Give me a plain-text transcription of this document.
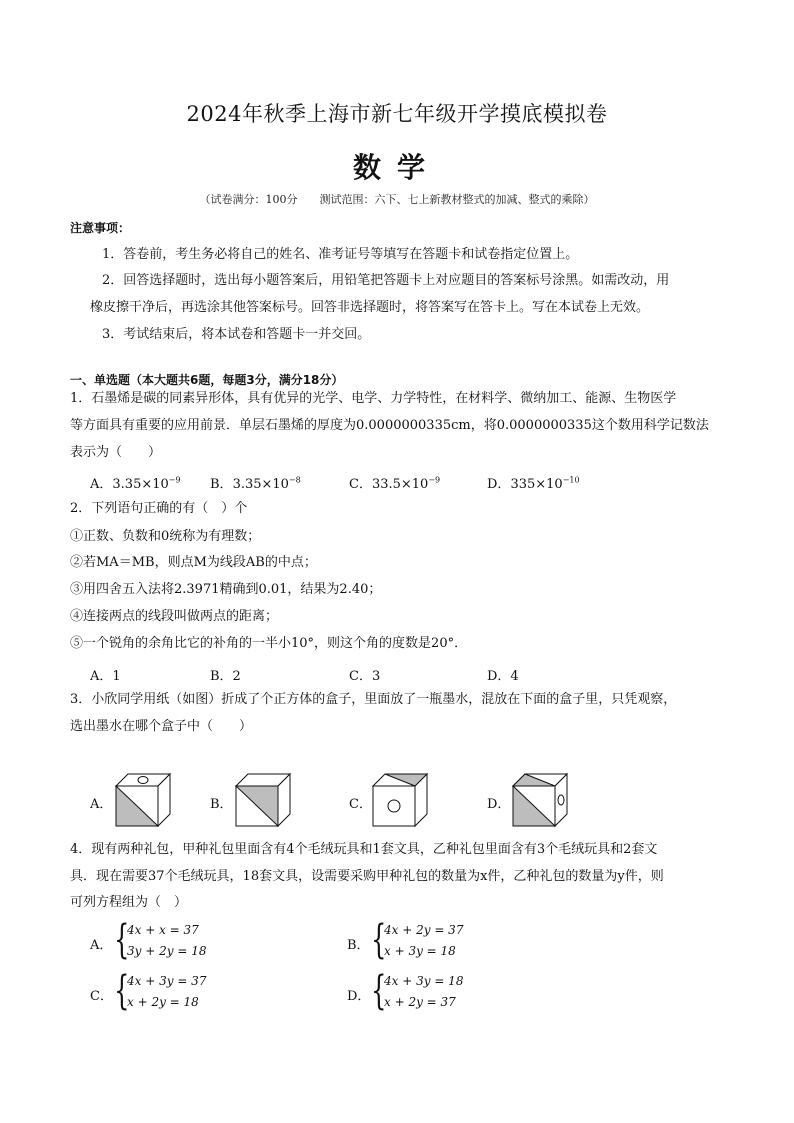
2024年秋季上海市新七年级开学摸底模拟卷
数学
（试卷满分：100分　　测试范围：六下、七上新教材整式的加减、整式的乘除）
注意事项：
1．答卷前，考生务必将自己的姓名、准考证号等填写在答题卡和试卷指定位置上。
2．回答选择题时，选出每小题答案后，用铅笔把答题卡上对应题目的答案标号涂黑。如需改动，用
橡皮擦干净后，再选涂其他答案标号。回答非选择题时，将答案写在答卡上。写在本试卷上无效。
3．考试结束后，将本试卷和答题卡一并交回。
一、单选题（本大题共6题，每题3分，满分18分）
1．石墨烯是碳的同素异形体，具有优异的光学、电学、力学特性，在材料学、微纳加工、能源、生物医学
等方面具有重要的应用前景．单层石墨烯的厚度为0.0000000335cm，将0.0000000335这个数用科学记数法
表示为（　　）
A．$3.35\times 10^{-9}$ B．$3.35\times 10^{-8}$	C．$33.5\times 10^{-9}$	D．$335\times 10^{-10}$
2．下列语句正确的有（　）个
①正数、负数和0统称为有理数；
②若MA＝MB，则点M为线段AB的中点；
③用四舍五入法将2.3971精确到0.01，结果为2.40；
④连接两点的线段叫做两点的距离；
⑤一个锐角的余角比它的补角的一半小10°，则这个角的度数是20°．
A．1	B．2	C．3	D．4
3．小欣同学用纸（如图）折成了个正方体的盒子，里面放了一瓶墨水，混放在下面的盒子里，只凭观察，
选出墨水在哪个盒子中（　　）
A．	B．	C．	D．
4．现有两种礼包，甲种礼包里面含有4个毛绒玩具和1套文具，乙种礼包里面含有3个毛绒玩具和2套文
具．现在需要37个毛绒玩具，18套文具，设需要采购甲种礼包的数量为x件，乙种礼包的数量为y件，则
可列方程组为（　）
A． {
4x + x = 37
3y + 2y = 18	B． {
4x + 2y = 37
x + 3y = 18
C． {
4x + 3y = 37
x + 2y = 18	D． {
4x + 3y = 18
x + 2y = 37
